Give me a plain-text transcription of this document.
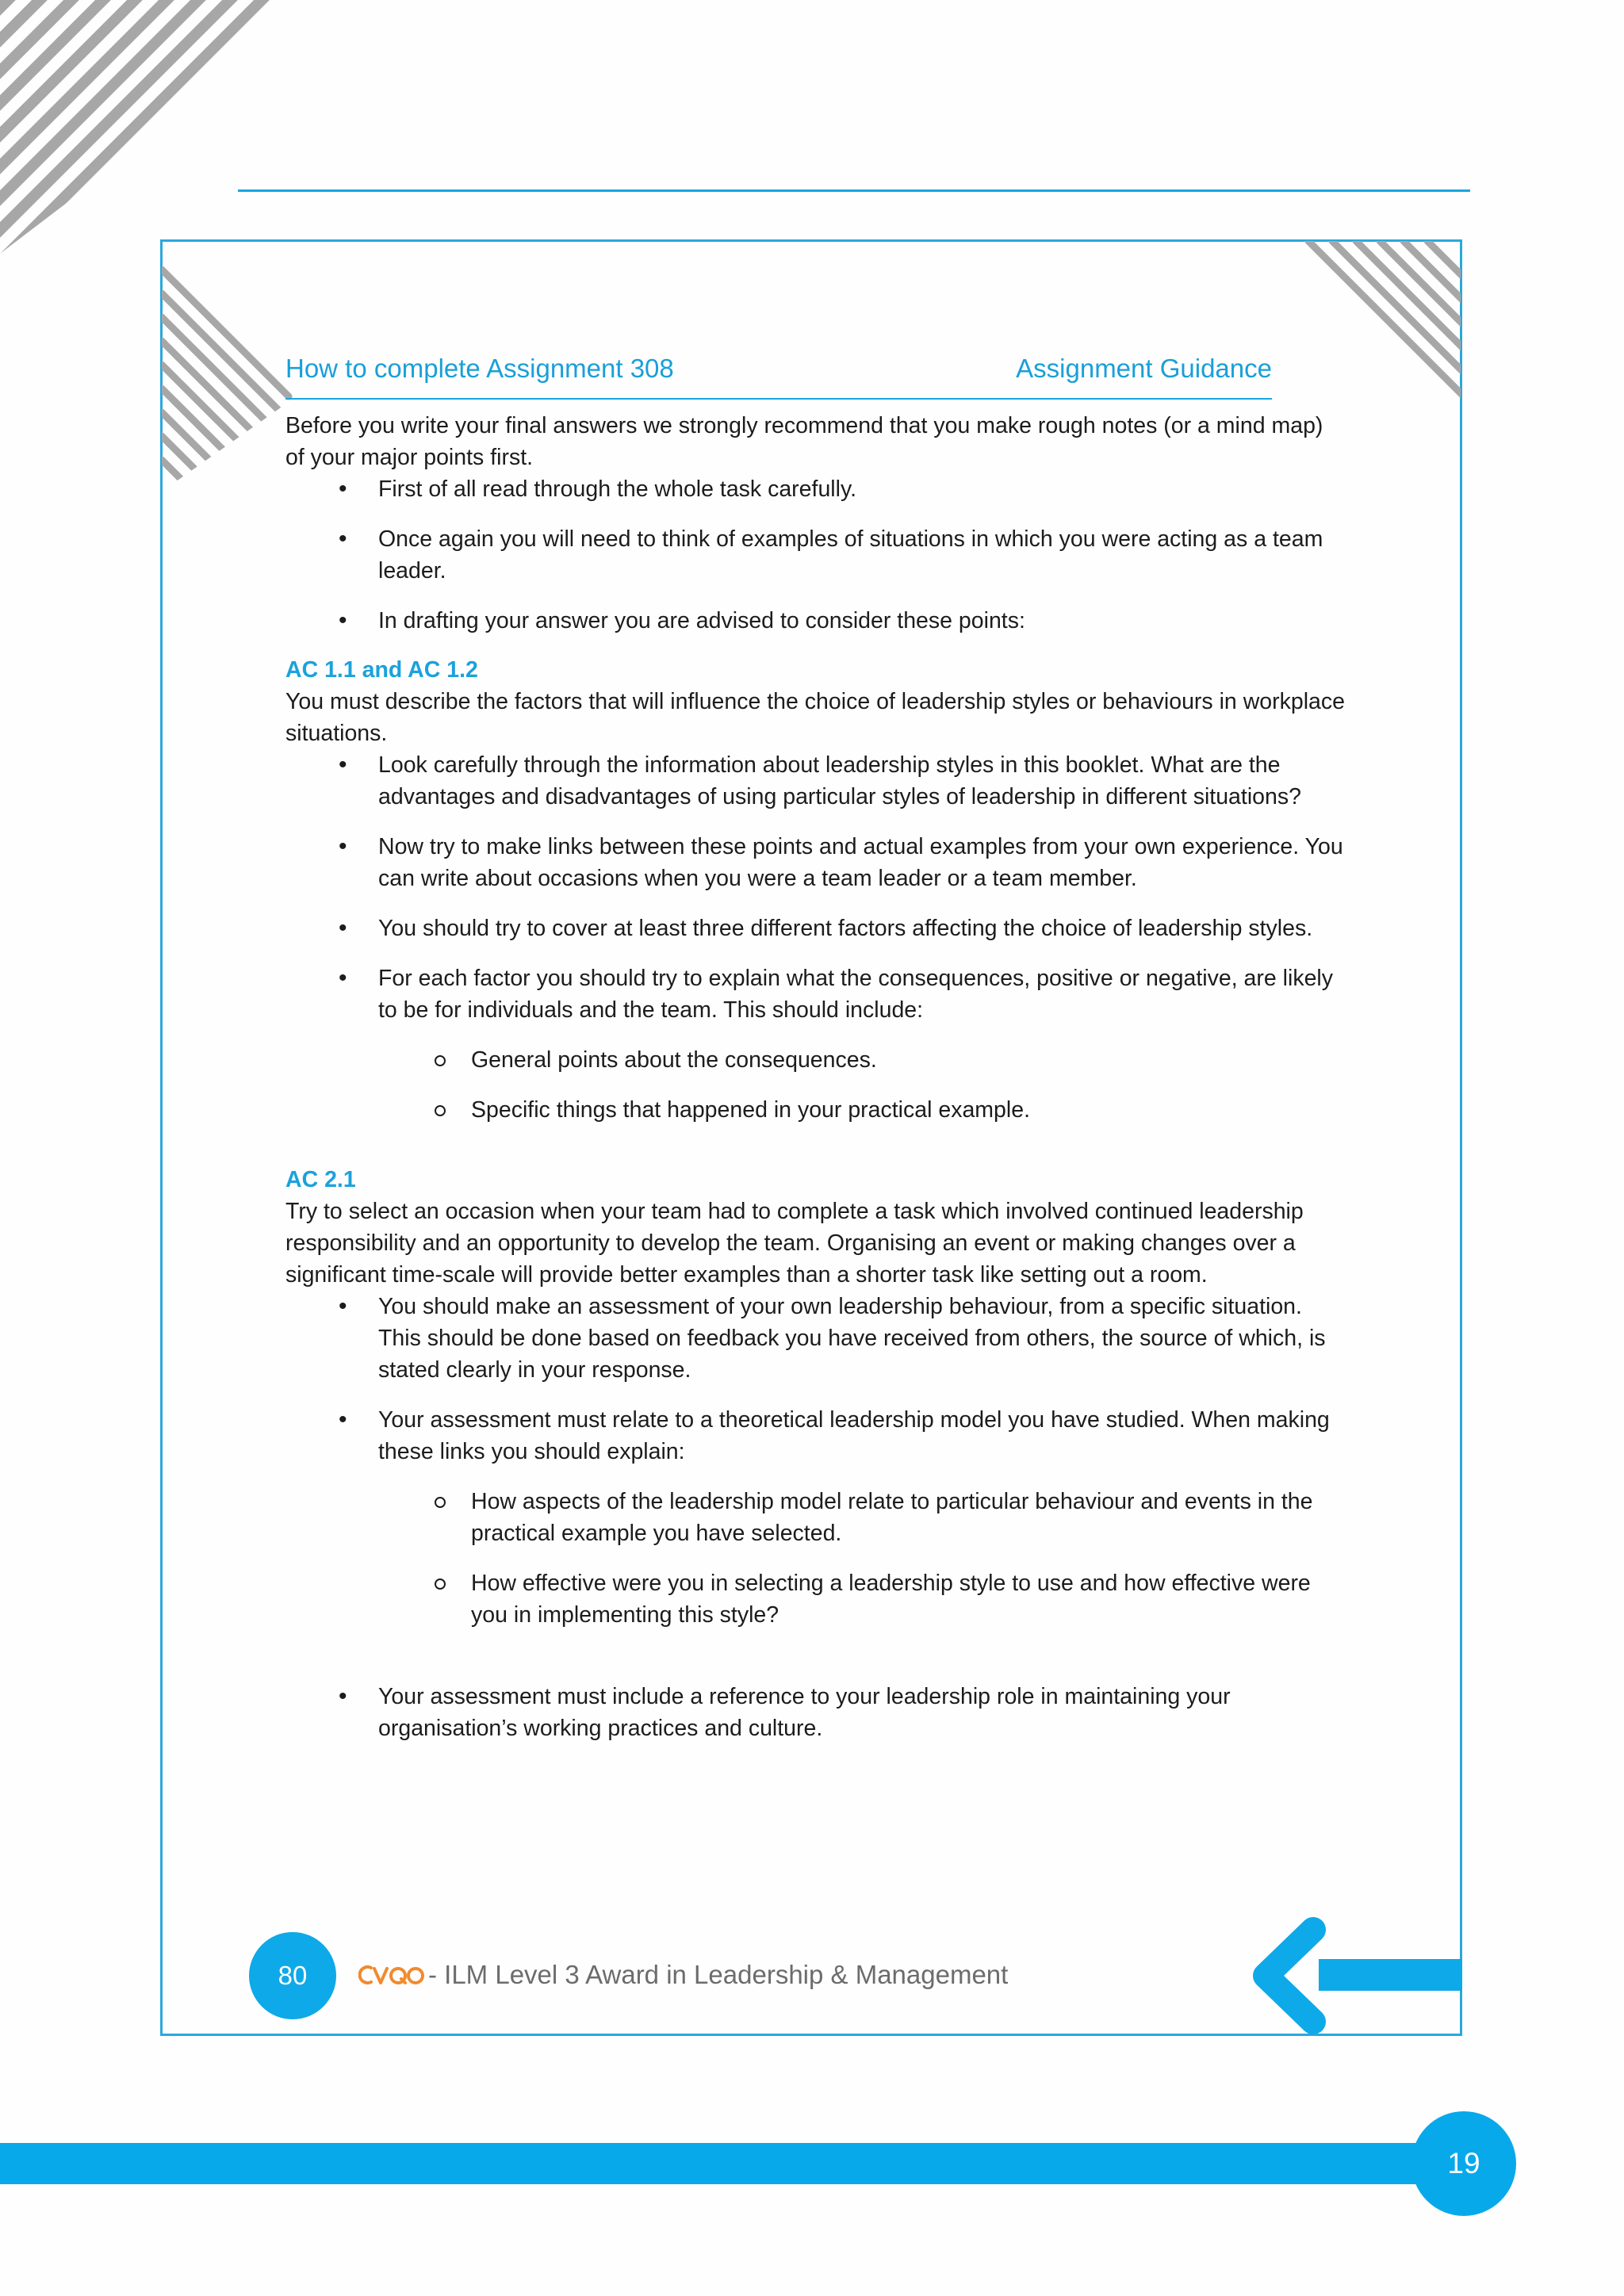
How to complete Assignment 308	Assignment Guidance

Before you write your final answers we strongly recommend that you make rough notes (or a mind map) of your major points first.

• First of all read through the whole task carefully.
• Once again you will need to think of examples of situations in which you were acting as a team leader.
• In drafting your answer you are advised to consider these points:

AC 1.1 and AC 1.2

You must describe the factors that will influence the choice of leadership styles or behaviours in workplace situations.

• Look carefully through the information about leadership styles in this booklet. What are the advantages and disadvantages of using particular styles of leadership in different situations?
• Now try to make links between these points and actual examples from your own experience. You can write about occasions when you were a team leader or a team member.
• You should try to cover at least three different factors affecting the choice of leadership styles.
• For each factor you should try to explain what the consequences, positive or negative, are likely to be for individuals and the team. This should include:
General points about the consequences.
Specific things that happened in your practical example.

AC 2.1

Try to select an occasion when your team had to complete a task which involved continued leadership responsibility and an opportunity to develop the team. Organising an event or making changes over a significant time-scale will provide better examples than a shorter task like setting out a room.

• You should make an assessment of your own leadership behaviour, from a specific situation. This should be done based on feedback you have received from others, the source of which, is stated clearly in your response.
• Your assessment must relate to a theoretical leadership model you have studied. When making these links you should explain:
How aspects of the leadership model relate to particular behaviour and events in the practical example you have selected.
How effective were you in selecting a leadership style to use and how effective were you in implementing this style?
• Your assessment must include a reference to your leadership role in maintaining your organisation’s working practices and culture.
80	- ILM Level 3 Award in Leadership & Management
19
